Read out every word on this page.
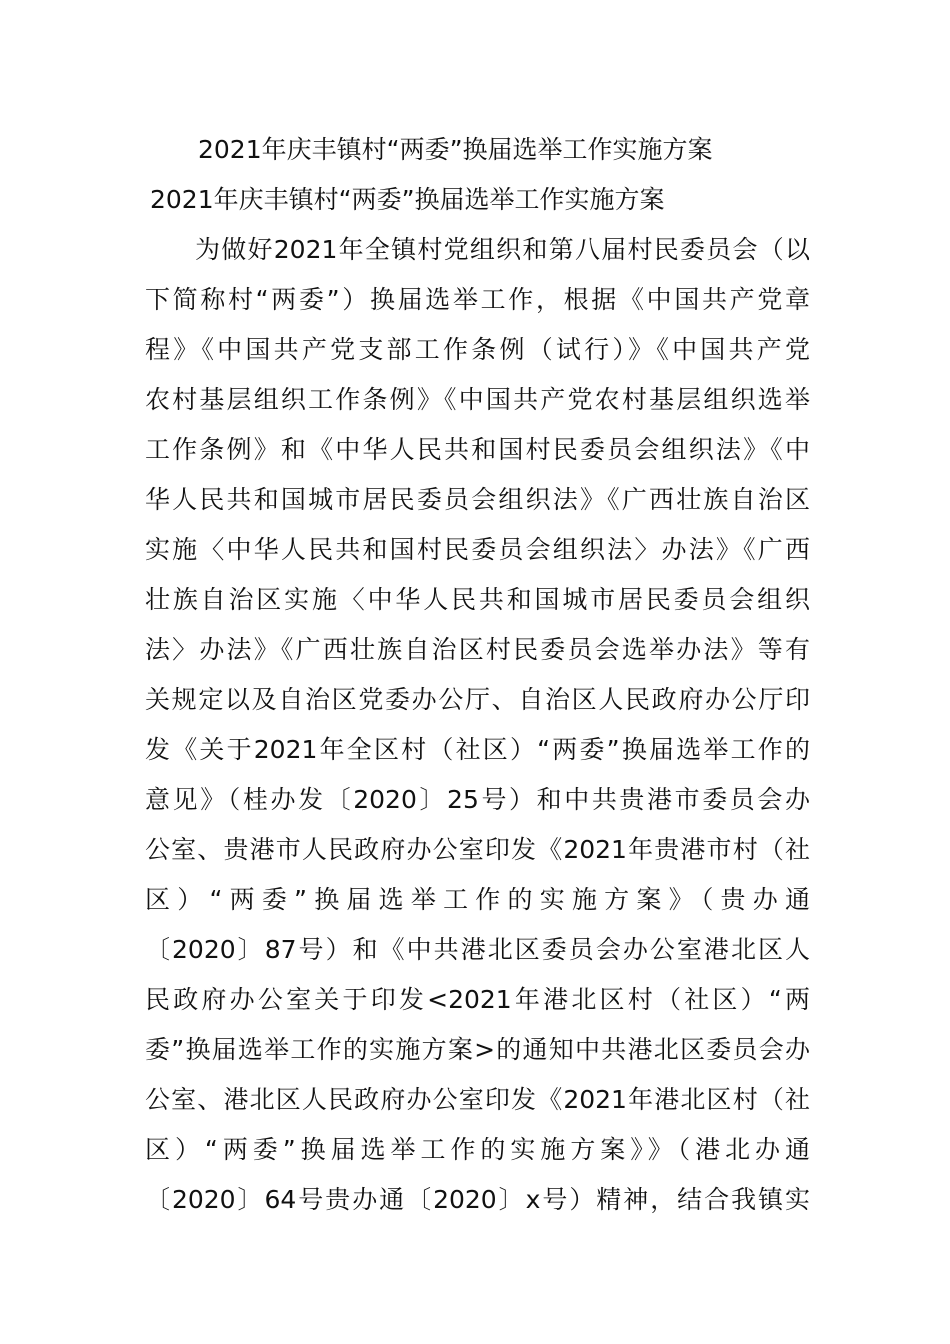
2021年庆丰镇村“两委”换届选举工作实施方案
2021年庆丰镇村“两委”换届选举工作实施方案
为做好2021年全镇村党组织和第八届村民委员会（以
下简称村“两委”）换届选举工作，根据《中国共产党章
程》《中国共产党支部工作条例（试行）》《中国共产党
农村基层组织工作条例》《中国共产党农村基层组织选举
工作条例》和《中华人民共和国村民委员会组织法》《中
华人民共和国城市居民委员会组织法》《广西壮族自治区
实施〈中华人民共和国村民委员会组织法〉办法》《广西
壮族自治区实施〈中华人民共和国城市居民委员会组织
法〉办法》《广西壮族自治区村民委员会选举办法》等有
关规定以及自治区党委办公厅、自治区人民政府办公厅印
发《关于2021年全区村（社区）“两委”换届选举工作的
意见》（桂办发〔2020〕25号）和中共贵港市委员会办
公室、贵港市人民政府办公室印发《2021年贵港市村（社
区）“两委”换届选举工作的实施方案》（贵办通
〔2020〕87号）和《中共港北区委员会办公室港北区人
民政府办公室关于印发<2021年港北区村（社区）“两
委”换届选举工作的实施方案>的通知中共港北区委员会办
公室、港北区人民政府办公室印发《2021年港北区村（社
区）“两委”换届选举工作的实施方案》》（港北办通
〔2020〕64号贵办通〔2020〕x号）精神，结合我镇实
